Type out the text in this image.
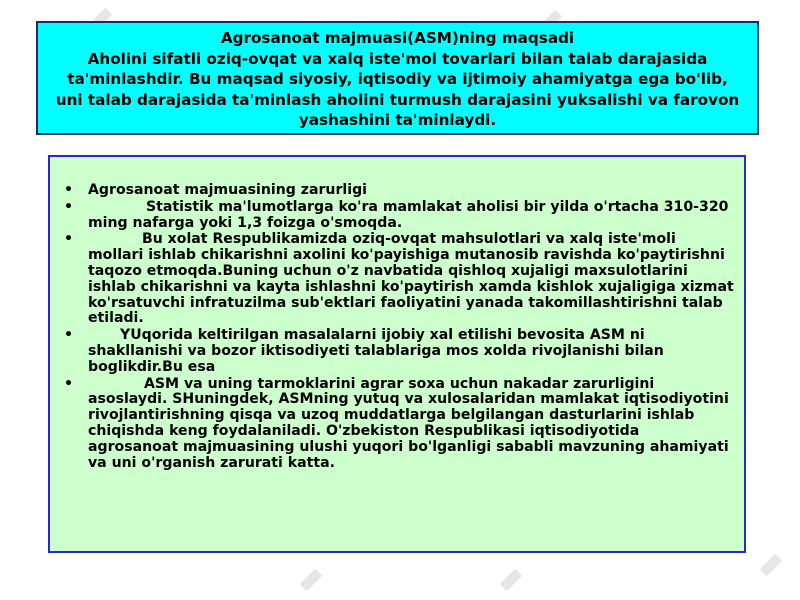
Agrosanoat majmuasi(ASM)ning maqsadi
Aholini sifatli oziq-ovqat va xalq iste'mol tovarlari bilan talab darajasida ta'minlashdir. Bu maqsad siyosiy, iqtisodiy va ijtimoiy ahamiyatga ega bo'lib, uni talab darajasida ta'minlash aholini turmush darajasini yuksalishi va farovon yashashini ta'minlaydi.
• Agrosanoat majmuasining zarurligi
•	Statistik ma'lumotlarga ko'ra mamlakat aholisi bir yilda o'rtacha 310-320 ming nafarga yoki 1,3 foizga o'smoqda.
•	Bu xolat Respublikamizda oziq-ovqat mahsulotlari va xalq iste'moli mollari ishlab chikarishni axolini ko'payishiga mutanosib ravishda ko'paytirishni taqozo etmoqda.Buning uchun o'z navbatida qishloq xujaligi maxsulotlarini ishlab chikarishni va kayta ishlashni ko'paytirish xamda kishlok xujaligiga xizmat ko'rsatuvchi infratuzilma sub'ektlari faoliyatini yanada takomillashtirishni talab etiladi.
•	YUqorida keltirilgan masalalarni ijobiy xal etilishi bevosita ASM ni shakllanishi va bozor iktisodiyeti talablariga mos xolda rivojlanishi bilan boglikdir.Bu esa
•	ASM va uning tarmoklarini agrar soxa uchun nakadar zarurligini asoslaydi. SHuningdek, ASMning yutuq va xulosalaridan mamlakat iqtisodiyotini rivojlantirishning qisqa va uzoq muddatlarga belgilangan dasturlarini ishlab chiqishda keng foydalaniladi. O'zbekiston Respublikasi iqtisodiyotida agrosanoat majmuasining ulushi yuqori bo'lganligi sababli mavzuning ahamiyati va uni o'rganish zarurati katta.
